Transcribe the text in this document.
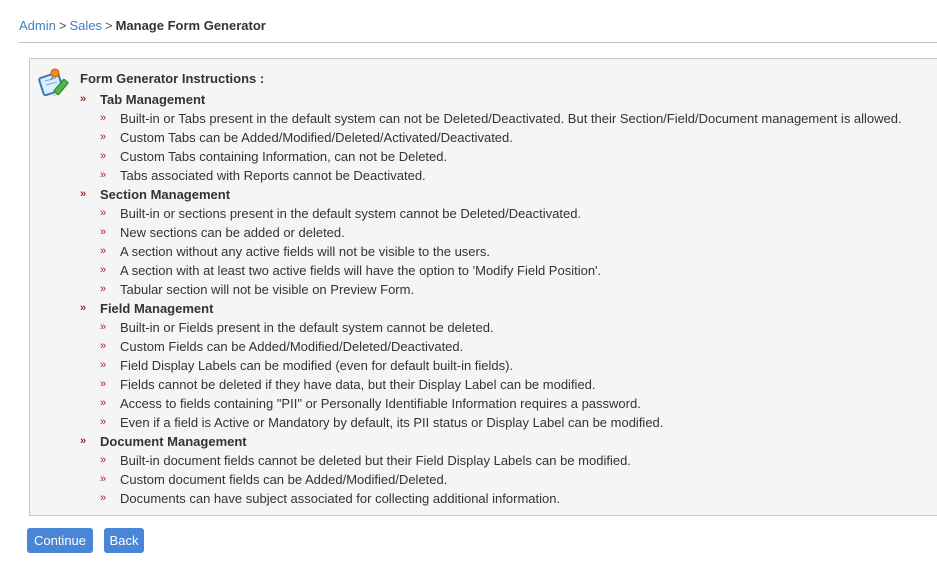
Admin > Sales > Manage Form Generator
Form Generator Instructions :
» Tab Management
» Built-in or Tabs present in the default system can not be Deleted/Deactivated. But their Section/Field/Document management is allowed.
» Custom Tabs can be Added/Modified/Deleted/Activated/Deactivated.
» Custom Tabs containing Information, can not be Deleted.
» Tabs associated with Reports cannot be Deactivated.
» Section Management
» Built-in or sections present in the default system cannot be Deleted/Deactivated.
» New sections can be added or deleted.
» A section without any active fields will not be visible to the users.
» A section with at least two active fields will have the option to 'Modify Field Position'.
» Tabular section will not be visible on Preview Form.
» Field Management
» Built-in or Fields present in the default system cannot be deleted.
» Custom Fields can be Added/Modified/Deleted/Deactivated.
» Field Display Labels can be modified (even for default built-in fields).
» Fields cannot be deleted if they have data, but their Display Label can be modified.
» Access to fields containing "PII" or Personally Identifiable Information requires a password.
» Even if a field is Active or Mandatory by default, its PII status or Display Label can be modified.
» Document Management
» Built-in document fields cannot be deleted but their Field Display Labels can be modified.
» Custom document fields can be Added/Modified/Deleted.
» Documents can have subject associated for collecting additional information.
Continue	Back
